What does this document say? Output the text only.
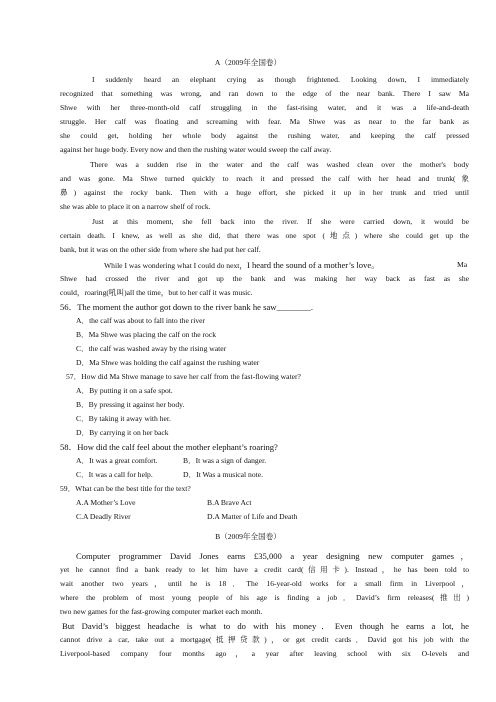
A（2009年全国卷）
I suddenly heard an elephant crying as though frightened. Looking down, I immediately
recognized that something was wrong, and ran down to the edge of the near bank. There I saw Ma
Shwe with her three-month-old calf struggling in the fast-rising water, and it was a life-and-death
struggle. Her calf was floating and screaming with fear. Ma Shwe was as near to the far bank as
she could get, holding her whole body against the rushing water, and keeping the calf pressed
against her huge body. Every now and then the rushing water would sweep the calf away.
There was a sudden rise in the water and the calf was washed clean over the mother's body
and was gone. Ma Shwe turned quickly to reach it and pressed the calf with her head and trunk(象
鼻) against the rocky bank. Then with a huge effort, she picked it up in her trunk and tried until
she was able to place it on a narrow shelf of rock.
Just at this moment, she fell back into the river. If she were carried down, it would be
certain death. I knew, as well as she did, that there was one spot (地点) where she could get up the
bank, but it was on the other side from where she had put her calf.
While I was wondering what I could do next，I heard the sound of a mother’s love。	Ma
Shwe had crossed the river and got up the bank and was making her way back as fast as she
could，roaring(吼叫)all the time，but to her calf it was music.
56．The moment the author got down to the river bank he saw________.
A．the calf was about to fall into the river
B．Ma Shwe was placing the calf on the rock
C．the calf was washed away by the rising water
D．Ma Shwe was holding the calf against the rushing water
57．How did Ma Shwe manage to save her calf from the fast-flowing water?
A．By putting it on a safe spot.
B．By pressing it against her body.
C．By taking it away with her.
D．By carrying it on her back
58．How did the calf feel about the mother elephant’s roaring?
A．It was a great comfort.	B．It was a sign of danger.
C．It was a call for help.	D．It Was a musical note.
59．What can be the best title for the text?
A.A Mother’s Love	B.A Brave Act
C.A Deadly River	D.A Matter of Life and Death
B（2009年全国卷）
Computer programmer David Jones earns £35,000 a year designing new computer games，
yet he cannot find a bank ready to let him have a credit card(信用卡). Instead，he has been told to
wait another two years，until he is 18．The 16-year-old works for a small firm in Liverpool，
where the problem of most young people of his age is finding a job．David’s firm releases(推出)
two new games for the fast-growing computer market each month.
But David’s biggest headache is what to do with his money．Even though he earns a lot, he
cannot drive a car, take out a mortgage(抵押贷款)，or get credit cards．David got his job with the
Liverpool-based company four months ago，a year after leaving school with six O-levels and
